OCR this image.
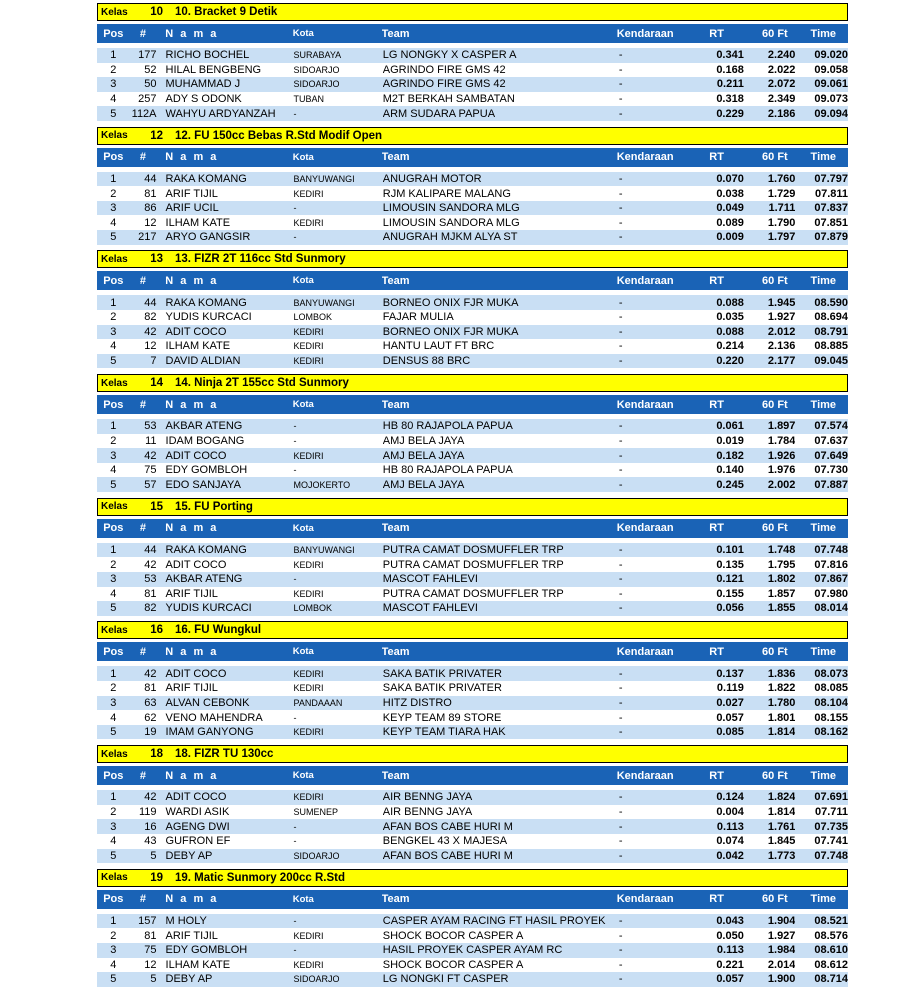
Kelas	10	10. Bracket 9 Detik
Pos	#	N a m a	Kota	Team	Kendaraan	RT	60 Ft	Time
1	177 RICHO BOCHEL	SURABAYA	LG NONGKY X CASPER A	-	0.341	2.240	09.020
2	52 HILAL BENGBENG	SIDOARJO	AGRINDO FIRE GMS 42	-	0.168	2.022	09.058
3	50 MUHAMMAD J	SIDOARJO	AGRINDO FIRE GMS 42	-	0.211	2.072	09.061
4	257 ADY S ODONK	TUBAN	M2T BERKAH SAMBATAN	-	0.318	2.349	09.073
5	112A WAHYU ARDYANZAH	-	ARM SUDARA PAPUA	-	0.229	2.186	09.094
Kelas	12	12. FU 150cc Bebas R.Std Modif Open
Pos	#	N a m a	Kota	Team	Kendaraan	RT	60 Ft	Time
1	44 RAKA KOMANG	BANYUWANGI	ANUGRAH MOTOR	-	0.070	1.760	07.797
2	81 ARIF TIJIL	KEDIRI	RJM KALIPARE MALANG	-	0.038	1.729	07.811
3	86 ARIF UCIL	-	LIMOUSIN SANDORA MLG	-	0.049	1.711	07.837
4	12 ILHAM KATE	KEDIRI	LIMOUSIN SANDORA MLG	-	0.089	1.790	07.851
5	217 ARYO GANGSIR	-	ANUGRAH MJKM ALYA ST	-	0.009	1.797	07.879
Kelas	13	13. FIZR 2T 116cc Std Sunmory
Pos	#	N a m a	Kota	Team	Kendaraan	RT	60 Ft	Time
1	44 RAKA KOMANG	BANYUWANGI	BORNEO ONIX FJR MUKA	-	0.088	1.945	08.590
2	82 YUDIS KURCACI	LOMBOK	FAJAR MULIA	-	0.035	1.927	08.694
3	42 ADIT COCO	KEDIRI	BORNEO ONIX FJR MUKA	-	0.088	2.012	08.791
4	12 ILHAM KATE	KEDIRI	HANTU LAUT FT BRC	-	0.214	2.136	08.885
5	7 DAVID ALDIAN	KEDIRI	DENSUS 88 BRC	-	0.220	2.177	09.045
Kelas	14	14. Ninja 2T 155cc Std Sunmory
Pos	#	N a m a	Kota	Team	Kendaraan	RT	60 Ft	Time
1	53 AKBAR ATENG	-	HB 80 RAJAPOLA PAPUA	-	0.061	1.897	07.574
2	11 IDAM BOGANG	-	AMJ BELA JAYA	-	0.019	1.784	07.637
3	42 ADIT COCO	KEDIRI	AMJ BELA JAYA	-	0.182	1.926	07.649
4	75 EDY GOMBLOH	-	HB 80 RAJAPOLA PAPUA	-	0.140	1.976	07.730
5	57 EDO SANJAYA	MOJOKERTO	AMJ BELA JAYA	-	0.245	2.002	07.887
Kelas	15	15. FU Porting
Pos	#	N a m a	Kota	Team	Kendaraan	RT	60 Ft	Time
1	44 RAKA KOMANG	BANYUWANGI	PUTRA CAMAT DOSMUFFLER TRP	-	0.101	1.748	07.748
2	42 ADIT COCO	KEDIRI	PUTRA CAMAT DOSMUFFLER TRP	-	0.135	1.795	07.816
3	53 AKBAR ATENG	-	MASCOT FAHLEVI	-	0.121	1.802	07.867
4	81 ARIF TIJIL	KEDIRI	PUTRA CAMAT DOSMUFFLER TRP	-	0.155	1.857	07.980
5	82 YUDIS KURCACI	LOMBOK	MASCOT FAHLEVI	-	0.056	1.855	08.014
Kelas	16	16. FU Wungkul
Pos	#	N a m a	Kota	Team	Kendaraan	RT	60 Ft	Time
1	42 ADIT COCO	KEDIRI	SAKA BATIK PRIVATER	-	0.137	1.836	08.073
2	81 ARIF TIJIL	KEDIRI	SAKA BATIK PRIVATER	-	0.119	1.822	08.085
3	63 ALVAN CEBONK	PANDAAAN	HITZ DISTRO	-	0.027	1.780	08.104
4	62 VENO MAHENDRA	-	KEYP TEAM 89 STORE	-	0.057	1.801	08.155
5	19 IMAM GANYONG	KEDIRI	KEYP TEAM TIARA HAK	-	0.085	1.814	08.162
Kelas	18	18. FIZR TU 130cc
Pos	#	N a m a	Kota	Team	Kendaraan	RT	60 Ft	Time
1	42 ADIT COCO	KEDIRI	AIR BENNG JAYA	-	0.124	1.824	07.691
2	119 WARDI ASIK	SUMENEP	AIR BENNG JAYA	-	0.004	1.814	07.711
3	16 AGENG DWI	-	AFAN BOS CABE HURI M	-	0.113	1.761	07.735
4	43 GUFRON EF	-	BENGKEL 43 X MAJESA	-	0.074	1.845	07.741
5	5 DEBY AP	SIDOARJO	AFAN BOS CABE HURI M	-	0.042	1.773	07.748
Kelas	19	19. Matic Sunmory 200cc R.Std
Pos	#	N a m a	Kota	Team	Kendaraan	RT	60 Ft	Time
1	157 M HOLY	-	CASPER AYAM RACING FT HASIL PROYEK	-	0.043	1.904	08.521
2	81 ARIF TIJIL	KEDIRI	SHOCK BOCOR CASPER A	-	0.050	1.927	08.576
3	75 EDY GOMBLOH	-	HASIL PROYEK CASPER AYAM RC	-	0.113	1.984	08.610
4	12 ILHAM KATE	KEDIRI	SHOCK BOCOR CASPER A	-	0.221	2.014	08.612
5	5 DEBY AP	SIDOARJO	LG NONGKI FT CASPER	-	0.057	1.900	08.714
